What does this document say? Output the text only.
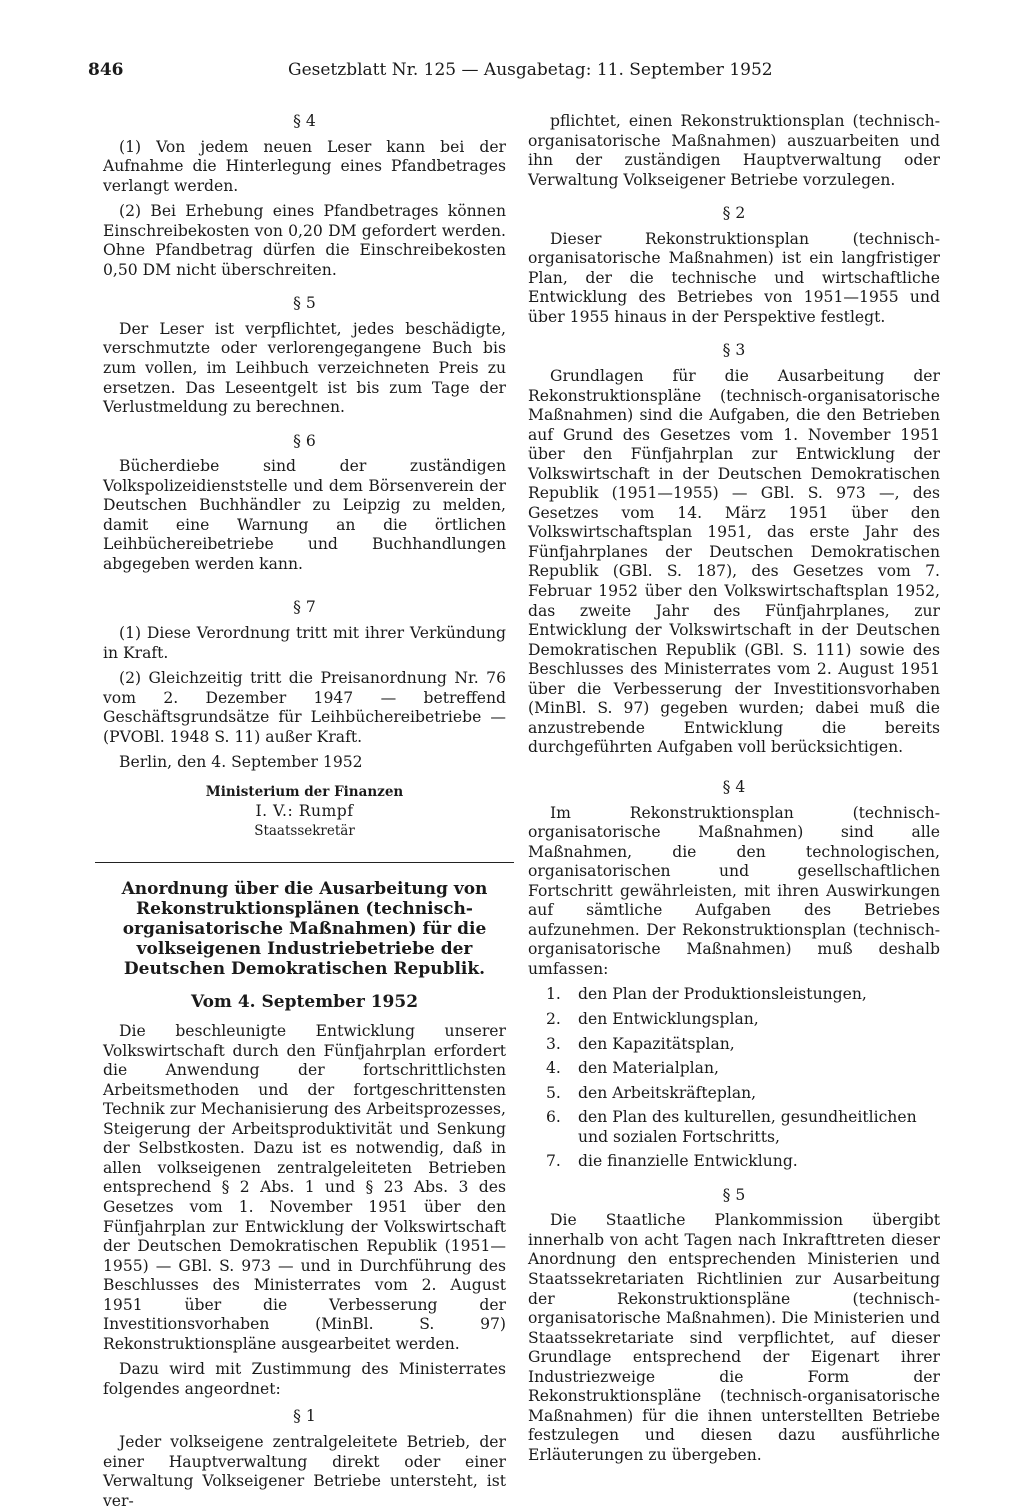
846	Gesetzblatt Nr. 125 — Ausgabetag: 11. September 1952
§ 4

(1) Von jedem neuen Leser kann bei der Aufnahme die Hinterlegung eines Pfandbetrages verlangt werden.

(2) Bei Erhebung eines Pfandbetrages können Einschreibekosten von 0,20 DM gefordert werden. Ohne Pfandbetrag dürfen die Einschreibekosten 0,50 DM nicht überschreiten.

§ 5

Der Leser ist verpflichtet, jedes beschädigte, verschmutzte oder verlorengegangene Buch bis zum vollen, im Leihbuch verzeichneten Preis zu ersetzen. Das Leseentgelt ist bis zum Tage der Verlustmeldung zu berechnen.

§ 6

Bücherdiebe sind der zuständigen Volkspolizeidienststelle und dem Börsenverein der Deutschen Buchhändler zu Leipzig zu melden, damit eine Warnung an die örtlichen Leihbüchereibetriebe und Buchhandlungen abgegeben werden kann.

§ 7

(1) Diese Verordnung tritt mit ihrer Verkündung in Kraft.

(2) Gleichzeitig tritt die Preisanordnung Nr. 76 vom 2. Dezember 1947 — betreffend Geschäftsgrundsätze für Leihbüchereibetriebe — (PVOBl. 1948 S. 11) außer Kraft.

Berlin, den 4. September 1952

Ministerium der Finanzen
I. V.: Rumpf
Staatssekretär
Anordnung über die Ausarbeitung von Rekonstruktionsplänen (technisch-organisatorische Maßnahmen) für die volkseigenen Industriebetriebe der Deutschen Demokratischen Republik.
Vom 4. September 1952

Die beschleunigte Entwicklung unserer Volkswirtschaft durch den Fünfjahrplan erfordert die Anwendung der fortschrittlichsten Arbeitsmethoden und der fortgeschrittensten Technik zur Mechanisierung des Arbeitsprozesses, Steigerung der Arbeitsproduktivität und Senkung der Selbstkosten. Dazu ist es notwendig, daß in allen volkseigenen zentralgeleiteten Betrieben entsprechend § 2 Abs. 1 und § 23 Abs. 3 des Gesetzes vom 1. November 1951 über den Fünfjahrplan zur Entwicklung der Volkswirtschaft der Deutschen Demokratischen Republik (1951—1955) — GBl. S. 973 — und in Durchführung des Beschlusses des Ministerrates vom 2. August 1951 über die Verbesserung der Investitionsvorhaben (MinBl. S. 97) Rekonstruktionspläne ausgearbeitet werden.

Dazu wird mit Zustimmung des Ministerrates folgendes angeordnet:

§ 1

Jeder volkseigene zentralgeleitete Betrieb, der einer Hauptverwaltung direkt oder einer Verwaltung Volkseigener Betriebe untersteht, ist ver-

pflichtet, einen Rekonstruktionsplan (technisch-organisatorische Maßnahmen) auszuarbeiten und ihn der zuständigen Hauptverwaltung oder Verwaltung Volkseigener Betriebe vorzulegen.

§ 2

Dieser Rekonstruktionsplan (technisch-organisatorische Maßnahmen) ist ein langfristiger Plan, der die technische und wirtschaftliche Entwicklung des Betriebes von 1951—1955 und über 1955 hinaus in der Perspektive festlegt.

§ 3

Grundlagen für die Ausarbeitung der Rekonstruktionspläne (technisch-organisatorische Maßnahmen) sind die Aufgaben, die den Betrieben auf Grund des Gesetzes vom 1. November 1951 über den Fünfjahrplan zur Entwicklung der Volkswirtschaft in der Deutschen Demokratischen Republik (1951—1955) — GBl. S. 973 —, des Gesetzes vom 14. März 1951 über den Volkswirtschaftsplan 1951, das erste Jahr des Fünfjahrplanes der Deutschen Demokratischen Republik (GBl. S. 187), des Gesetzes vom 7. Februar 1952 über den Volkswirtschaftsplan 1952, das zweite Jahr des Fünfjahrplanes, zur Entwicklung der Volkswirtschaft in der Deutschen Demokratischen Republik (GBl. S. 111) sowie des Beschlusses des Ministerrates vom 2. August 1951 über die Verbesserung der Investitionsvorhaben (MinBl. S. 97) gegeben wurden; dabei muß die anzustrebende Entwicklung die bereits durchgeführten Aufgaben voll berücksichtigen.

§ 4

Im Rekonstruktionsplan (technisch-organisatorische Maßnahmen) sind alle Maßnahmen, die den technologischen, organisatorischen und gesellschaftlichen Fortschritt gewährleisten, mit ihren Auswirkungen auf sämtliche Aufgaben des Betriebes aufzunehmen. Der Rekonstruktionsplan (technisch-organisatorische Maßnahmen) muß deshalb umfassen:

1.	den Plan der Produktionsleistungen,
2.	den Entwicklungsplan,
3.	den Kapazitätsplan,
4.	den Materialplan,
5.	den Arbeitskräfteplan,
6.	den Plan des kulturellen, gesundheitlichen und sozialen Fortschritts,
7.	die finanzielle Entwicklung.
§ 5

Die Staatliche Plankommission übergibt innerhalb von acht Tagen nach Inkrafttreten dieser Anordnung den entsprechenden Ministerien und Staatssekretariaten Richtlinien zur Ausarbeitung der Rekonstruktionspläne (technisch-organisatorische Maßnahmen). Die Ministerien und Staatssekretariate sind verpflichtet, auf dieser Grundlage entsprechend der Eigenart ihrer Industriezweige die Form der Rekonstruktionspläne (technisch-organisatorische Maßnahmen) für die ihnen unterstellten Betriebe festzulegen und diesen dazu ausführliche Erläuterungen zu übergeben.
